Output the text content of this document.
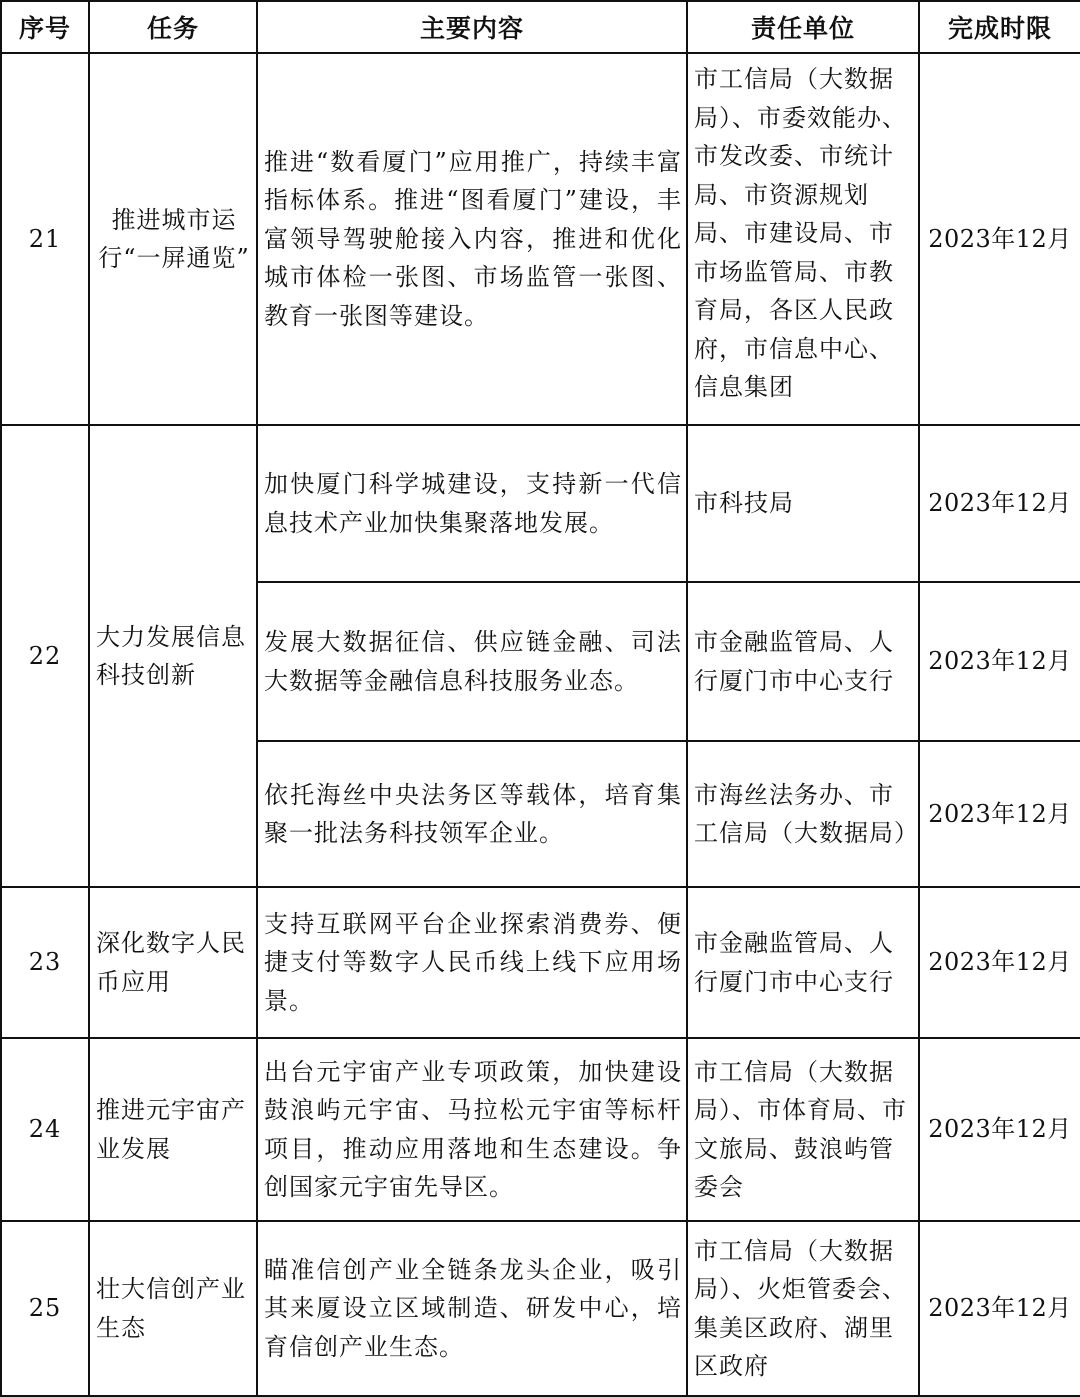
序号	任务	主要内容	责任单位	完成时限
21	推进城市运行“一屏通览”	推进“数看厦门”应用推广，持续丰富指标体系。推进“图看厦门”建设，丰富领导驾驶舱接入内容，推进和优化城市体检一张图、市场监管一张图、教育一张图等建设。	市工信局（大数据局）、市委效能办、市发改委、市统计局、市资源规划局、市建设局、市市场监管局、市教育局，各区人民政府，市信息中心、信息集团	2023年12月
22	大力发展信息科技创新	加快厦门科学城建设，支持新一代信息技术产业加快集聚落地发展。	市科技局	2023年12月
		发展大数据征信、供应链金融、司法大数据等金融信息科技服务业态。	市金融监管局、人行厦门市中心支行	2023年12月
		依托海丝中央法务区等载体，培育集聚一批法务科技领军企业。	市海丝法务办、市工信局（大数据局）	2023年12月
23	深化数字人民币应用	支持互联网平台企业探索消费券、便捷支付等数字人民币线上线下应用场景。	市金融监管局、人行厦门市中心支行	2023年12月
24	推进元宇宙产业发展	出台元宇宙产业专项政策，加快建设鼓浪屿元宇宙、马拉松元宇宙等标杆项目，推动应用落地和生态建设。争创国家元宇宙先导区。	市工信局（大数据局）、市体育局、市文旅局、鼓浪屿管委会	2023年12月
25	壮大信创产业生态	瞄准信创产业全链条龙头企业，吸引其来厦设立区域制造、研发中心，培育信创产业生态。	市工信局（大数据局）、火炬管委会、集美区政府、湖里区政府	2023年12月
